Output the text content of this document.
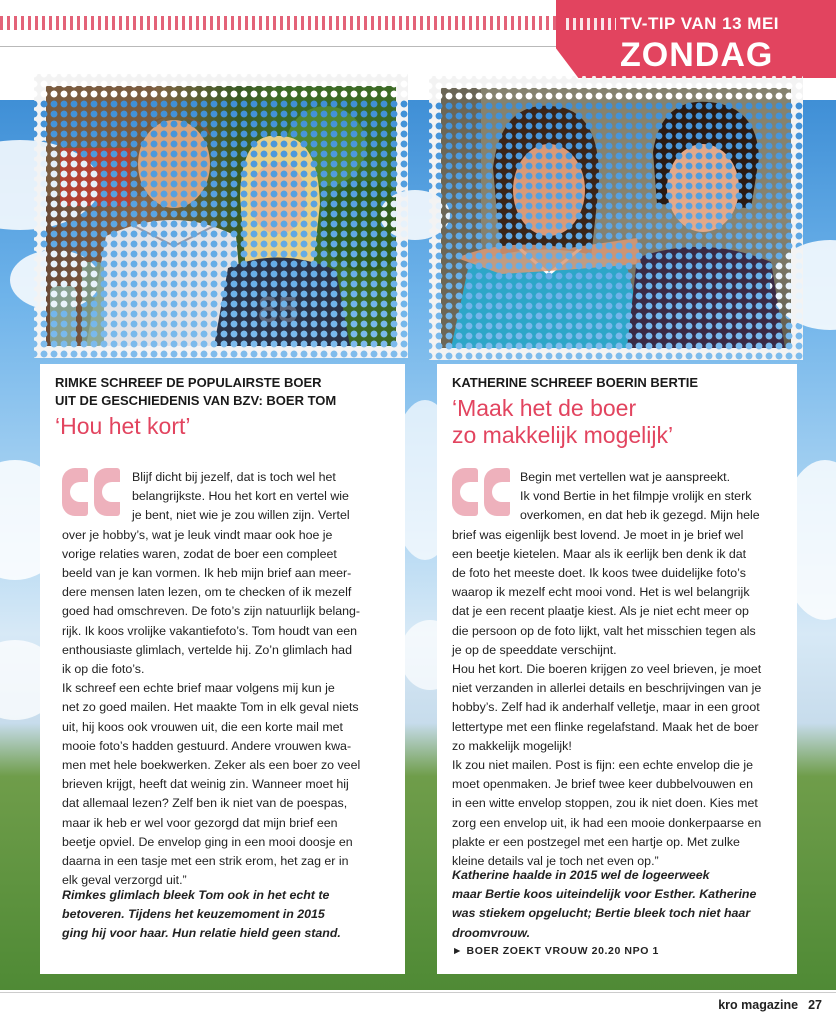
TV-TIP VAN 13 MEI
ZONDAG
85
RIMKE SCHREEF DE POPULAIRSTE BOER
UIT DE GESCHIEDENIS VAN BZV: BOER TOM
‘Hou het kort’
Blijf dicht bij jezelf, dat is toch wel het
belangrijkste. Hou het kort en vertel wie
je bent, niet wie je zou willen zijn. Vertel
over je hobby’s, wat je leuk vindt maar ook hoe je
vorige relaties waren, zodat de boer een compleet
beeld van je kan vormen. Ik heb mijn brief aan meer-
dere mensen laten lezen, om te checken of ik mezelf
goed had omschreven. De foto’s zijn natuurlijk belang-
rijk. Ik koos vrolijke vakantiefoto’s. Tom houdt van een
enthousiaste glimlach, vertelde hij. Zo’n glimlach had
ik op die foto’s.
Ik schreef een echte brief maar volgens mij kun je
net zo goed mailen. Het maakte Tom in elk geval niets
uit, hij koos ook vrouwen uit, die een korte mail met
mooie foto’s hadden gestuurd. Andere vrouwen kwa-
men met hele boekwerken. Zeker als een boer zo veel
brieven krijgt, heeft dat weinig zin. Wanneer moet hij
dat allemaal lezen? Zelf ben ik niet van de poespas,
maar ik heb er wel voor gezorgd dat mijn brief een
beetje opviel. De envelop ging in een mooi doosje en
daarna in een tasje met een strik erom, het zag er in
elk geval verzorgd uit.”
Rimkes glimlach bleek Tom ook in het echt te
betoveren. Tijdens het keuzemoment in 2015
ging hij voor haar. Hun relatie hield geen stand.
KATHERINE SCHREEF BOERIN BERTIE
‘Maak het de boer
zo makkelijk mogelijk’
Begin met vertellen wat je aanspreekt.
Ik vond Bertie in het filmpje vrolijk en sterk
overkomen, en dat heb ik gezegd. Mijn hele
brief was eigenlijk best lovend. Je moet in je brief wel
een beetje kietelen. Maar als ik eerlijk ben denk ik dat
de foto het meeste doet. Ik koos twee duidelijke foto’s
waarop ik mezelf echt mooi vond. Het is wel belangrijk
dat je een recent plaatje kiest. Als je niet echt meer op
die persoon op de foto lijkt, valt het misschien tegen als
je op de speeddate verschijnt.
Hou het kort. Die boeren krijgen zo veel brieven, je moet
niet verzanden in allerlei details en beschrijvingen van je
hobby’s. Zelf had ik anderhalf velletje, maar in een groot
lettertype met een flinke regelafstand. Maak het de boer
zo makkelijk mogelijk!
Ik zou niet mailen. Post is fijn: een echte envelop die je
moet openmaken. Je brief twee keer dubbelvouwen en
in een witte envelop stoppen, zou ik niet doen. Kies met
zorg een envelop uit, ik had een mooie donkerpaarse en
plakte er een postzegel met een hartje op. Met zulke
kleine details val je toch net even op.”
Katherine haalde in 2015 wel de logeerweek
maar Bertie koos uiteindelijk voor Esther. Katherine
was stiekem opgelucht; Bertie bleek toch niet haar
droomvrouw.
► BOER ZOEKT VROUW 20.20 NPO 1
kro magazine 27
